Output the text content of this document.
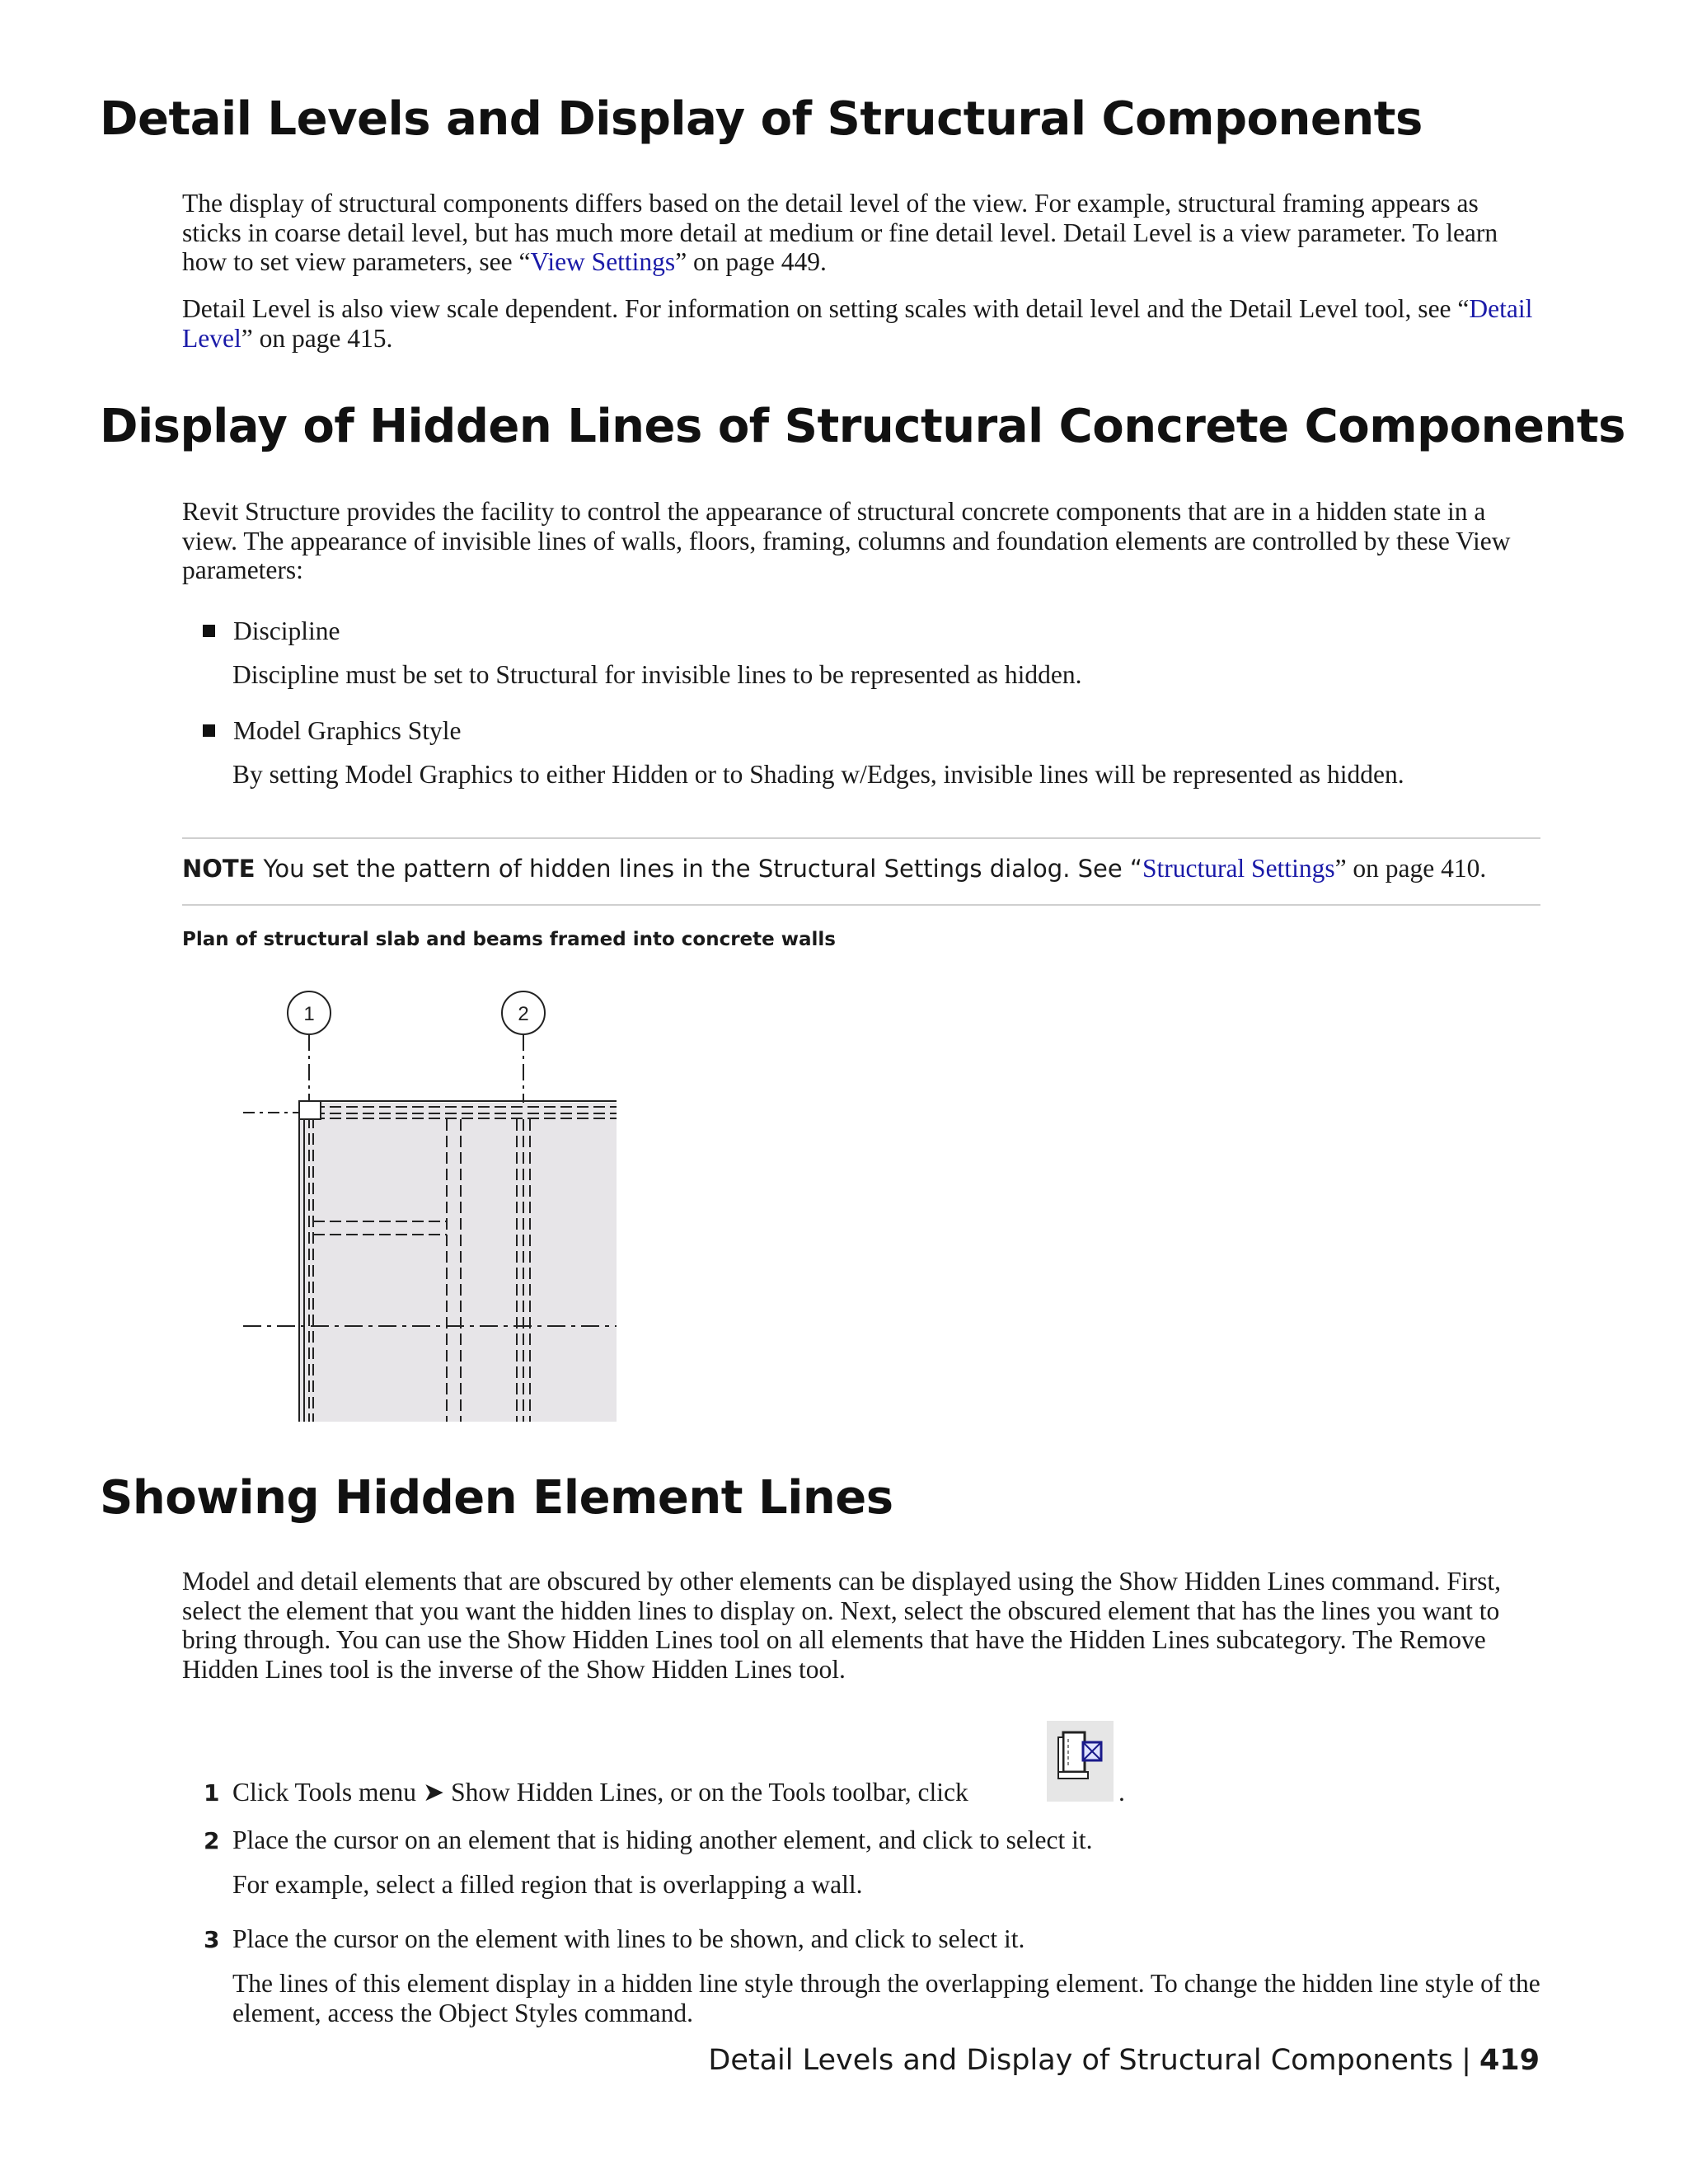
Detail Levels and Display of Structural Components

The display of structural components differs based on the detail level of the view. For example, structural framing appears as sticks in coarse detail level, but has much more detail at medium or fine detail level. Detail Level is a view parameter. To learn how to set view parameters, see “View Settings” on page 449.

Detail Level is also view scale dependent. For information on setting scales with detail level and the Detail Level tool, see “Detail Level” on page 415.

Display of Hidden Lines of Structural Concrete Components

Revit Structure provides the facility to control the appearance of structural concrete components that are in a hidden state in a view. The appearance of invisible lines of walls, floors, framing, columns and foundation elements are controlled by these View parameters:

Discipline

Discipline must be set to Structural for invisible lines to be represented as hidden.

Model Graphics Style

By setting Model Graphics to either Hidden or to Shading w/Edges, invisible lines will be represented as hidden.

NOTE You set the pattern of hidden lines in the Structural Settings dialog. See “Structural Settings” on page 410.
Plan of structural slab and beams framed into concrete walls
1	2
Showing Hidden Element Lines

Model and detail elements that are obscured by other elements can be displayed using the Show Hidden Lines command. First, select the element that you want the hidden lines to display on. Next, select the obscured element that has the lines you want to bring through. You can use the Show Hidden Lines tool on all elements that have the Hidden Lines subcategory. The Remove Hidden Lines tool is the inverse of the Show Hidden Lines tool.

1 Click Tools menu ➤ Show Hidden Lines, or on the Tools toolbar, click	.
2 Place the cursor on an element that is hiding another element, and click to select it.

For example, select a filled region that is overlapping a wall.

3 Place the cursor on the element with lines to be shown, and click to select it.

The lines of this element display in a hidden line style through the overlapping element. To change the hidden line style of the element, access the Object Styles command.

Detail Levels and Display of Structural Components | 419
